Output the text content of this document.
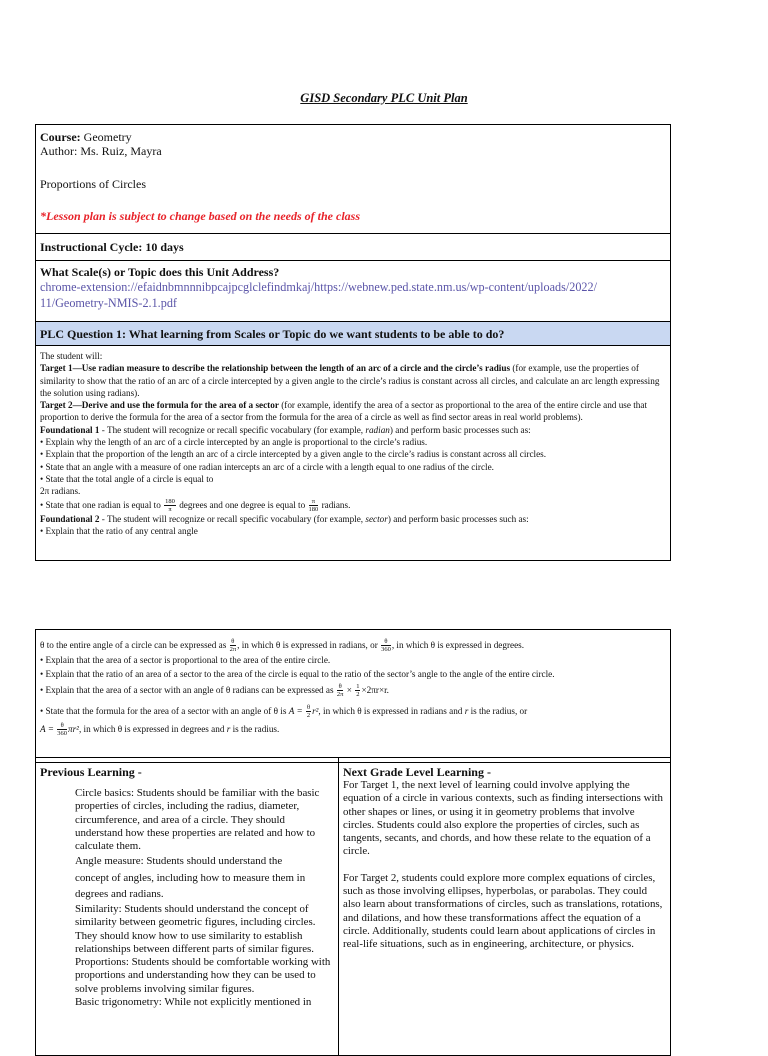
GISD Secondary PLC Unit Plan
Course: Geometry
Author: Ms. Ruiz, Mayra
Proportions of Circles
*Lesson plan is subject to change based on the needs of the class

Instructional Cycle: 10 days

What Scale(s) or Topic does this Unit Address?
chrome-extension://efaidnbmnnnibpcajpcglclefindmkaj/https://webnew.ped.state.nm.us/wp-content/uploads/2022/
11/Geometry-NMIS-2.1.pdf

PLC Question 1: What learning from Scales or Topic do we want students to be able to do?

The student will:
Target 1—Use radian measure to describe the relationship between the length of an arc of a circle and the circle’s radius (for example, use the properties of similarity to show that the ratio of an arc of a circle intercepted by a given angle to the circle’s radius is constant across all circles, and calculate an arc length expressing the solution using radians).
Target 2—Derive and use the formula for the area of a sector (for example, identify the area of a sector as proportional to the area of the entire circle and use that proportion to derive the formula for the area of a sector from the formula for the area of a circle as well as find sector areas in real world problems).
Foundational 1 - The student will recognize or recall specific vocabulary (for example, radian) and perform basic processes such as:
• Explain why the length of an arc of a circle intercepted by an angle is proportional to the circle’s radius.
• Explain that the proportion of the length an arc of a circle intercepted by a given angle to the circle’s radius is constant across all circles.
• State that an angle with a measure of one radian intercepts an arc of a circle with a length equal to one radius of the circle.
• State that the total angle of a circle is equal to
2π radians.
• State that one radian is equal to $\frac{180}{\pi}$ degrees and one degree is equal to $\frac{\pi}{180}$ radians.
Foundational 2 - The student will recognize or recall specific vocabulary (for example, sector) and perform basic processes such as:
• Explain that the ratio of any central angle
θ to the entire angle of a circle can be expressed as $\frac{\theta}{2\pi}$ , in which θ is expressed in radians, or $\frac{\theta}{360}$ , in which θ is expressed in degrees.
• Explain that the area of a sector is proportional to the area of the entire circle.
• Explain that the ratio of an area of a sector to the area of the circle is equal to the ratio of the sector’s angle to the angle of the entire circle.
• Explain that the area of a sector with an angle of θ radians can be expressed as $\frac{\theta}{2\pi} \times \frac{1}{2} \times 2\pi r\times r$.
• State that the formula for the area of a sector with an angle of θ is $A = \frac{\theta}{2} r^2$, in which θ is expressed in radians and r is the radius, or
$A = \frac{\theta}{360} \pi r^2$, in which θ is expressed in degrees and r is the radius.
Previous Learning -
Circle basics: Students should be familiar with the basic properties of circles, including the radius, diameter, circumference, and area of a circle. They should understand how these properties are related and how to calculate them.
Angle measure: Students should understand the
concept of angles, including how to measure them in
degrees and radians.
Similarity: Students should understand the concept of similarity between geometric figures, including circles. They should know how to use similarity to establish relationships between different parts of similar figures.
Proportions: Students should be comfortable working with proportions and understanding how they can be used to solve problems involving similar figures.
Basic trigonometry: While not explicitly mentioned in

Next Grade Level Learning -
For Target 1, the next level of learning could involve applying the equation of a circle in various contexts, such as finding intersections with other shapes or lines, or using it in geometry problems that involve circles. Students could also explore the properties of circles, such as tangents, secants, and chords, and how these relate to the equation of a circle.
For Target 2, students could explore more complex equations of circles, such as those involving ellipses, hyperbolas, or parabolas. They could also learn about transformations of circles, such as translations, rotations, and dilations, and how these transformations affect the equation of a circle. Additionally, students could learn about applications of circles in real-life situations, such as in engineering, architecture, or physics.
